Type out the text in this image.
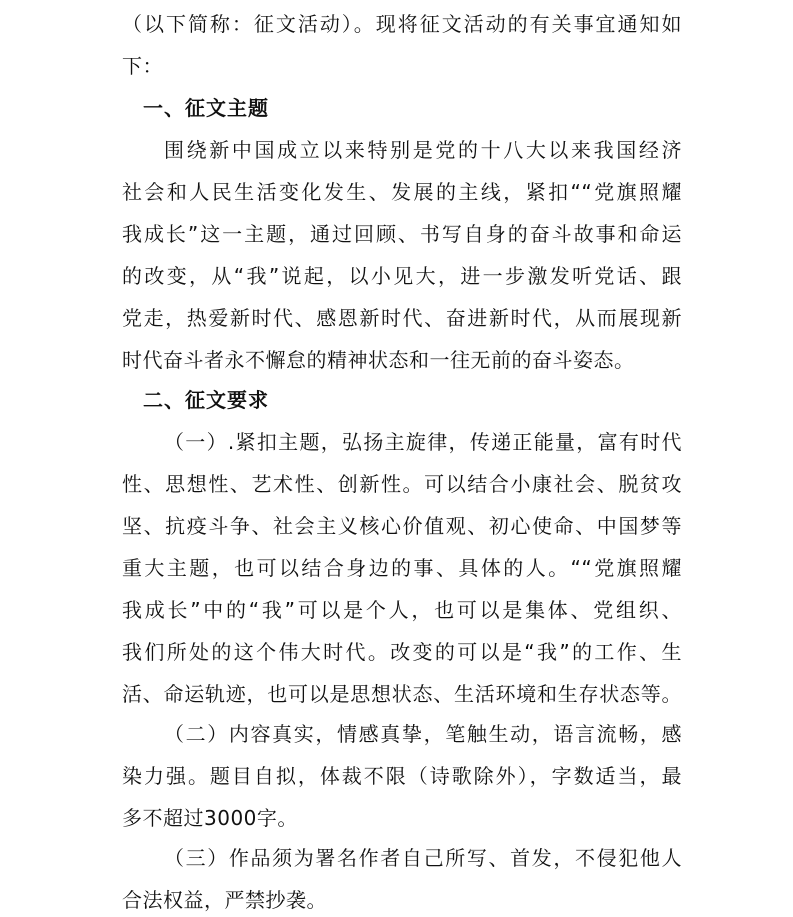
（以下简称：征文活动）。现将征文活动的有关事宜通知如
下：
一、征文主题
围绕新中国成立以来特别是党的十八大以来我国经济
社会和人民生活变化发生、发展的主线，紧扣““党旗照耀
我成长”这一主题，通过回顾、书写自身的奋斗故事和命运
的改变，从“我”说起，以小见大，进一步激发听党话、跟
党走，热爱新时代、感恩新时代、奋进新时代，从而展现新
时代奋斗者永不懈怠的精神状态和一往无前的奋斗姿态。
二、征文要求
（一）.紧扣主题，弘扬主旋律，传递正能量，富有时代
性、思想性、艺术性、创新性。可以结合小康社会、脱贫攻
坚、抗疫斗争、社会主义核心价值观、初心使命、中国梦等
重大主题，也可以结合身边的事、具体的人。““党旗照耀
我成长”中的“我”可以是个人，也可以是集体、党组织、
我们所处的这个伟大时代。改变的可以是“我”的工作、生
活、命运轨迹，也可以是思想状态、生活环境和生存状态等。
（二）内容真实，情感真挚，笔触生动，语言流畅，感
染力强。题目自拟，体裁不限（诗歌除外），字数适当，最
多不超过3000字。
（三）作品须为署名作者自己所写、首发，不侵犯他人
合法权益，严禁抄袭。
